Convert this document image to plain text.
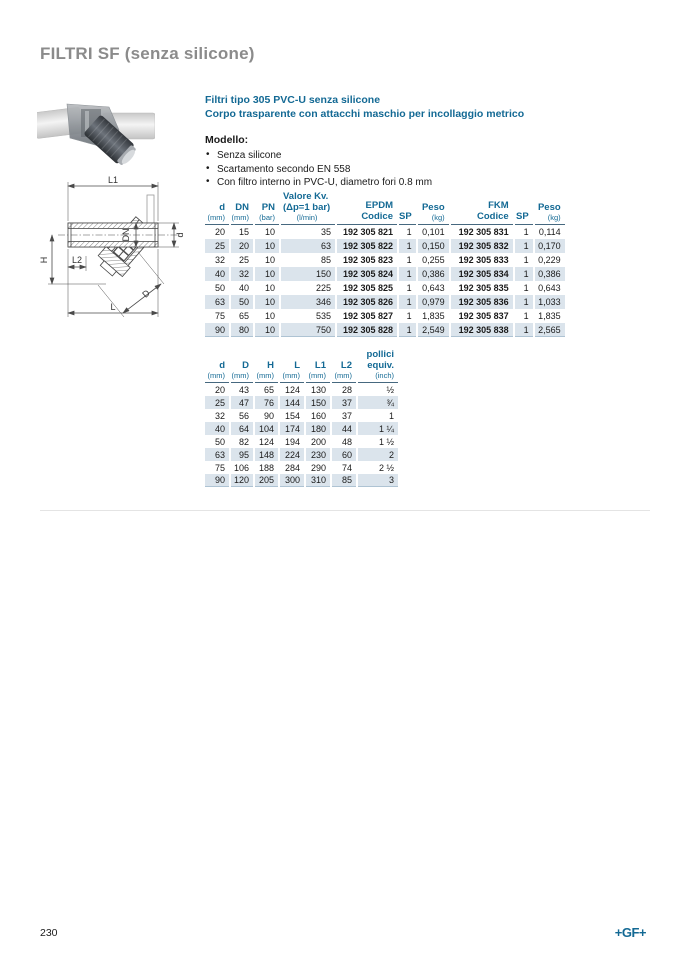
FILTRI SF (senza silicone)
L1
DN	d
H	L2
D
L
Filtri tipo 305 PVC-U senza silicone
Corpo trasparente con attacchi maschio per incollaggio metrico
Modello:
• Senza silicone
• Scartamento secondo EN 558
• Con filtro interno in PVC-U, diametro fori 0.8 mm
d
(mm)

DN
(mm)

PN
(bar)

Valore Kv.
(Δp=1 bar)
(l/min)

EPDM
Codice	SP

Peso
(kg)

FKM
Codice	SP

Peso
(kg)

20	15	10	35	192 305 821	1	0,101	192 305 831	1	0,114
25	20	10	63	192 305 822	1	0,150	192 305 832	1	0,170
32	25	10	85	192 305 823	1	0,255	192 305 833	1	0,229
40	32	10	150	192 305 824	1	0,386	192 305 834	1	0,386
50	40	10	225	192 305 825	1	0,643	192 305 835	1	0,643
63	50	10	346	192 305 826	1	0,979	192 305 836	1	1,033
75	65	10	535	192 305 827	1	1,835	192 305 837	1	1,835
90	80	10	750	192 305 828	1	2,549	192 305 838	1	2,565
d
(mm)

D
(mm)

H
(mm)

L
(mm)

L1
(mm)

L2
(mm)

pollici
equiv.
(inch)

20	43	65	124	130	28	½
25	47	76	144	150	37	¾
32	56	90	154	160	37	1
40	64	104	174	180	44	1 ¼
50	82	124	194	200	48	1 ½
63	95	148	224	230	60	2
75	106	188	284	290	74	2 ½
90	120	205	300	310	85	3
230	+GF+
